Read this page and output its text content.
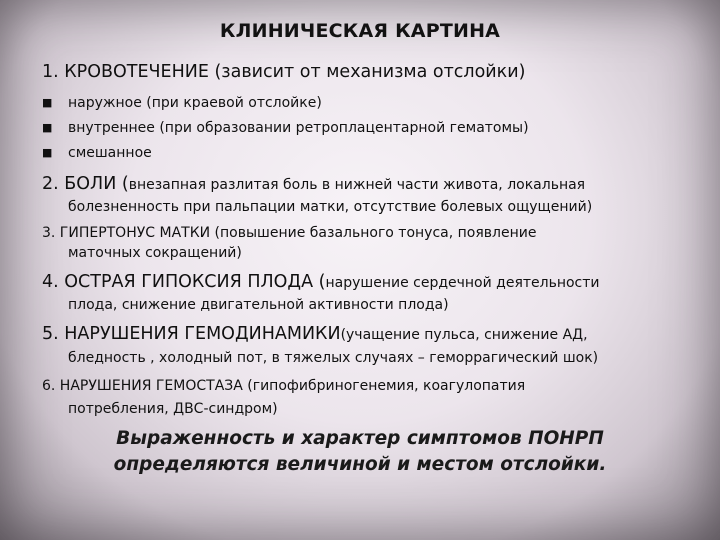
КЛИНИЧЕСКАЯ КАРТИНА
1. КРОВОТЕЧЕНИЕ (зависит от механизма отслойки)
■ наружное (при краевой отслойке)
■ внутреннее (при образовании ретроплацентарной гематомы)
■ смешанное
2. БОЛИ (внезапная разлитая боль в нижней части живота, локальная
болезненность при пальпации матки, отсутствие болевых ощущений)
3. ГИПЕРТОНУС МАТКИ (повышение базального тонуса, появление
маточных сокращений)
4. ОСТРАЯ ГИПОКСИЯ ПЛОДА (нарушение сердечной деятельности
плода, снижение двигательной активности плода)
5. НАРУШЕНИЯ ГЕМОДИНАМИКИ(учащение пульса, снижение АД,
бледность , холодный пот, в тяжелых случаях – геморрагический шок)
6. НАРУШЕНИЯ ГЕМОСТАЗА (гипофибриногенемия, коагулопатия
потребления, ДВС-синдром)
Выраженность и характер симптомов ПОНРП
определяются величиной и местом отслойки.
